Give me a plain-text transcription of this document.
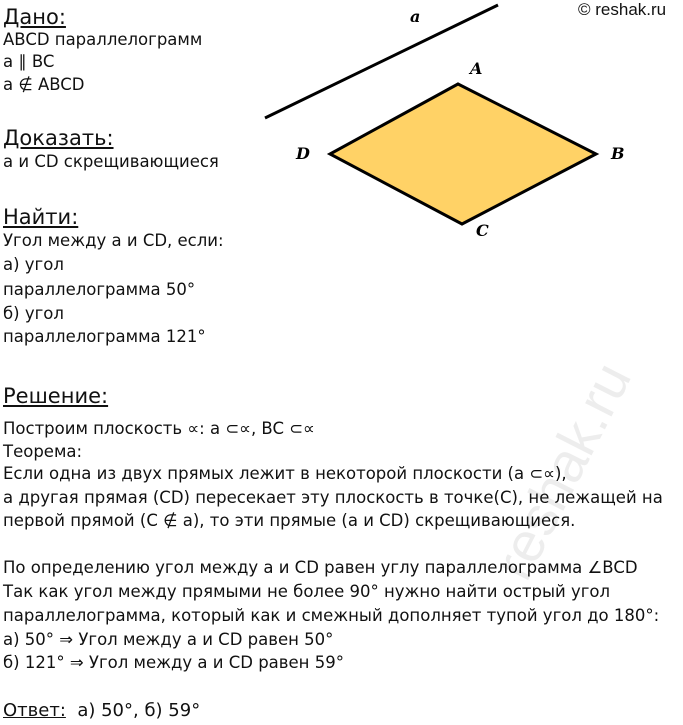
© reshak.ru
Дано:
ABCD параллелограмм
a ∥ BC
a ∉ ABCD
Доказать:
a и CD скрещивающиеся
Найти:
Угол между a и CD, если:
а) угол
параллелограмма 50°
б) угол
параллелограмма 121°
a
A
B
C
D
reshak.ru
Решение:
Построим плоскость ∝: a ⊂∝, BC ⊂∝
Теорема:
Если одна из двух прямых лежит в некоторой плоскости (a ⊂∝),
а другая прямая (CD) пересекает эту плоскость в точке(C), не лежащей на
первой прямой (C ∉ a), то эти прямые (a и CD) скрещивающиеся.
По определению угол между a и CD равен углу параллелограмма ∠BCD
Так как угол между прямыми не более 90° нужно найти острый угол
параллелограмма, который как и смежный дополняет тупой угол до 180°:
а) 50° ⇒ Угол между a и CD равен 50°
б) 121° ⇒ Угол между a и CD равен 59°
Ответ:  а) 50°, б) 59°
